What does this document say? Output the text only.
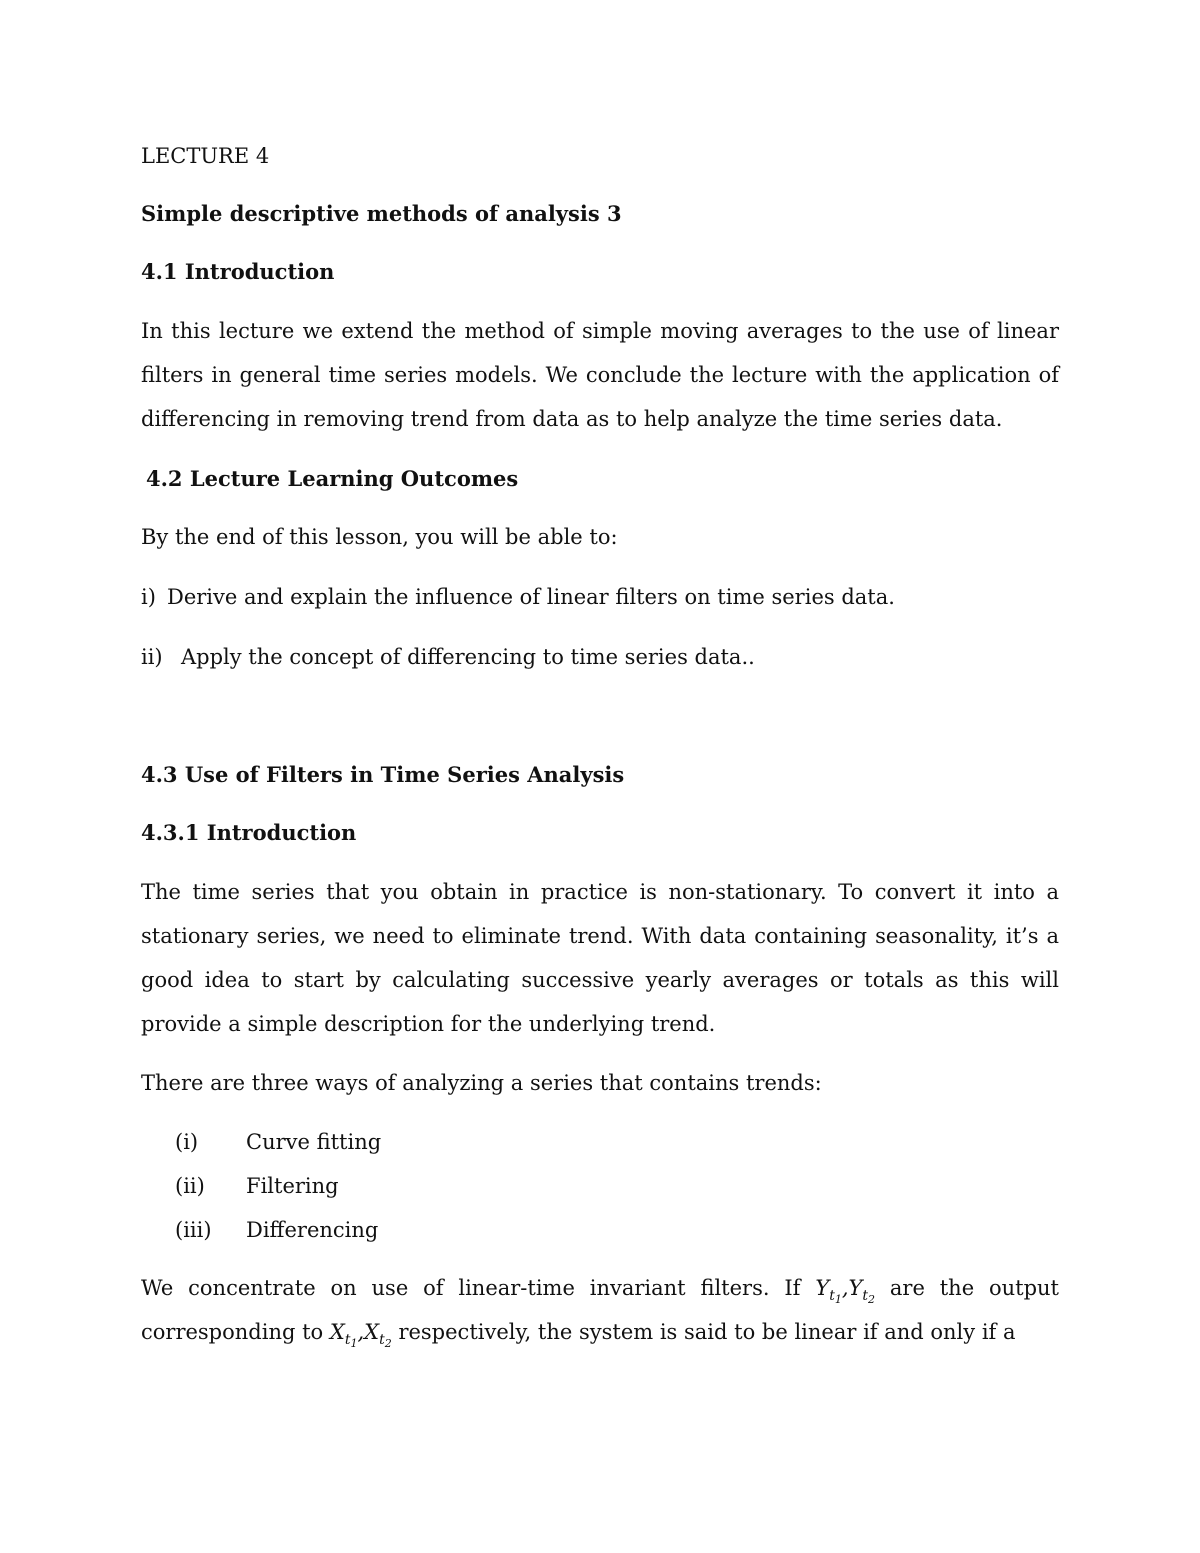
LECTURE 4

Simple descriptive methods of analysis 3

4.1 Introduction

In this lecture we extend the method of simple moving averages to the use of linear filters in general time series models. We conclude the lecture with the application of differencing in removing trend from data as to help analyze the time series data.

4.2 Lecture Learning Outcomes

By the end of this lesson, you will be able to:

i) Derive and explain the influence of linear filters on time series data.
ii) Apply the concept of differencing to time series data..

4.3 Use of Filters in Time Series Analysis

4.3.1 Introduction

The time series that you obtain in practice is non-stationary. To convert it into a stationary series, we need to eliminate trend. With data containing seasonality, it’s a good idea to start by calculating successive yearly averages or totals as this will provide a simple description for the underlying trend.

There are three ways of analyzing a series that contains trends:

(i) Curve fitting
(ii) Filtering
(iii) Differencing

We concentrate on use of linear-time invariant filters. If $Y_{t_1},Y_{t_2}$ are the output corresponding to $X_{t_1},X_{t_2}$ respectively, the system is said to be linear if and only if a
